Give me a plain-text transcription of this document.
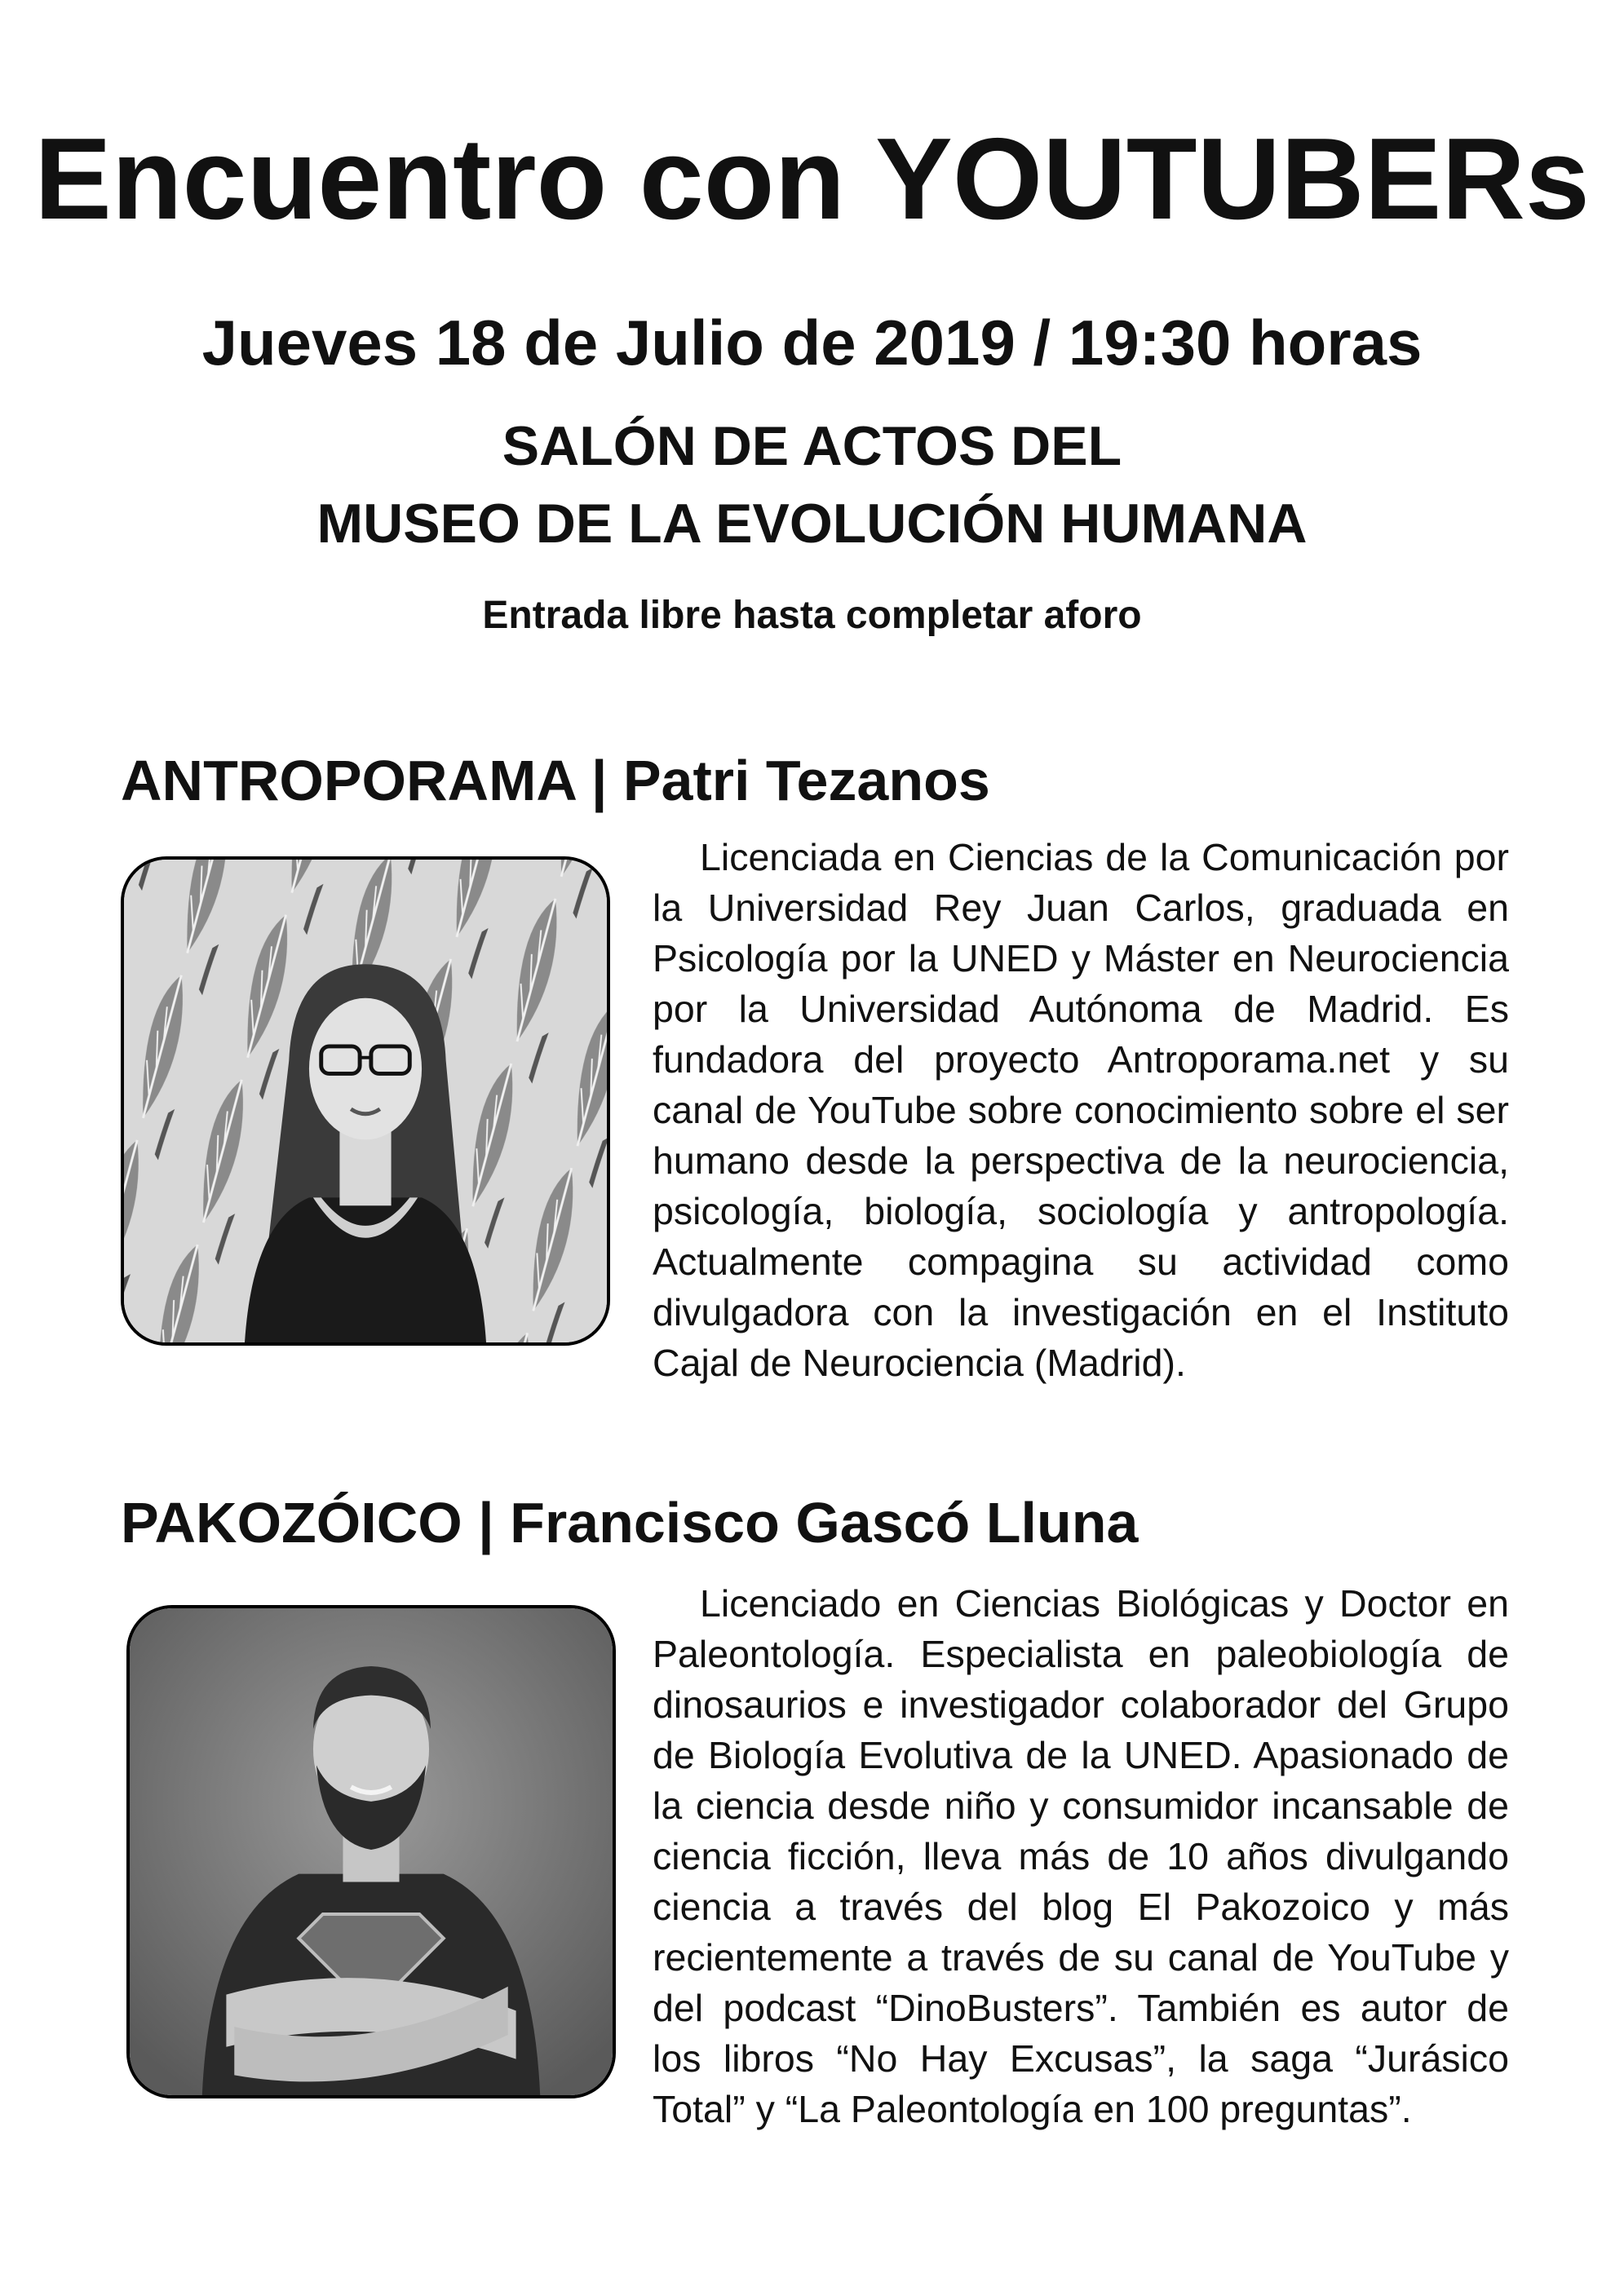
Encuentro con YOUTUBERs
Jueves 18 de Julio de 2019 / 19:30 horas
SALÓN DE ACTOS DEL
MUSEO DE LA EVOLUCIÓN HUMANA

Entrada libre hasta completar aforo

ANTROPORAMA | Patri Tezanos

Licenciada en Ciencias de la Comunicación por la Universidad Rey Juan Carlos, graduada en Psicología por la UNED y Máster en Neurociencia por la Universidad Autónoma de Madrid. Es fundadora del proyecto Antroporama.net y su canal de YouTube sobre conocimiento sobre el ser humano desde la perspectiva de la neurociencia, psicología, biología, sociología y antropología. Actualmente compagina su actividad como divulgadora con la investigación en el Instituto Cajal de Neurociencia (Madrid).

PAKOZÓICO | Francisco Gascó Lluna

Licenciado en Ciencias Biológicas y Doctor en Paleontología. Especialista en paleobiología de dinosaurios e investigador colaborador del Grupo de Biología Evolutiva de la UNED. Apasionado de la ciencia desde niño y consumidor incansable de ciencia ficción, lleva más de 10 años divulgando ciencia a través del blog El Pakozoico y más recientemente a través de su canal de YouTube y del podcast “DinoBusters”. También es autor de los libros “No Hay Excusas”, la saga “Jurásico Total” y “La Paleontología en 100 preguntas”.
